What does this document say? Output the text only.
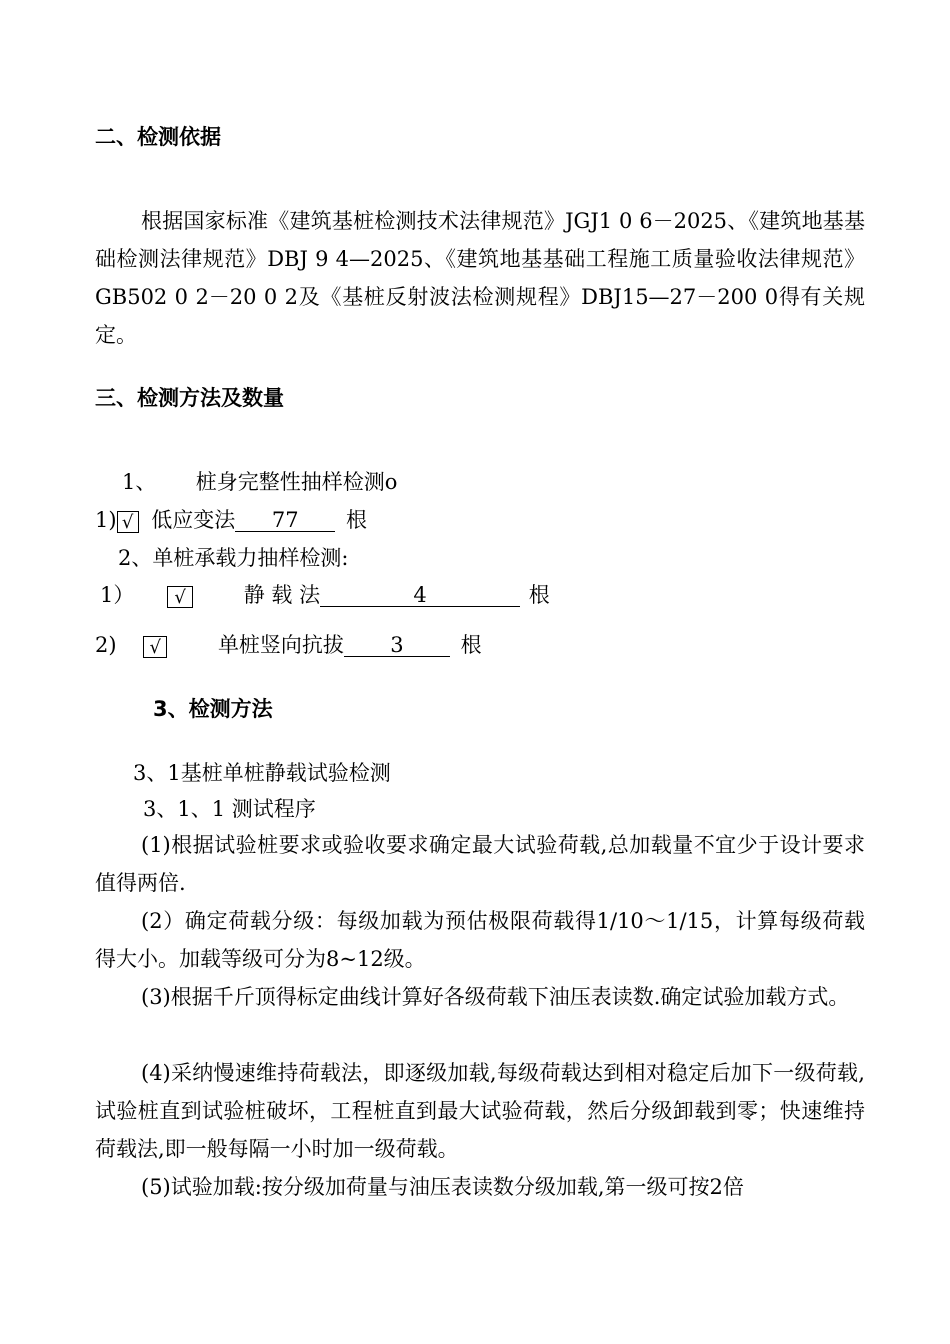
二、检测依据
根据国家标准《建筑基桩检测技术法律规范》JGJ1 0 6－2025、《建筑地基基础检测法律规范》DBJ 9 4—2025、《建筑地基基础工程施工质量验收法律规范》GB502 0 2－20 0 2及《基桩反射波法检测规程》DBJ15—27－200 0得有关规定。
三、检测方法及数量
1、 桩身完整性抽样检测ο
1) √ 低应变法 77 根
2、单桩承载力抽样检测:
1） √	静 载 法	4	根
2) √	单桩竖向抗拔 3	根
3、检测方法
3、1基桩单桩静载试验检测
3、1、1 测试程序
(1)根据试验桩要求或验收要求确定最大试验荷载,总加载量不宜少于设计要求值得两倍.
(2）确定荷载分级：每级加载为预估极限荷载得1/10～1/15，计算每级荷载得大小。加载等级可分为8~12级。
(3)根据千斤顶得标定曲线计算好各级荷载下油压表读数.确定试验加载方式。
(4)采纳慢速维持荷载法，即逐级加载,每级荷载达到相对稳定后加下一级荷载,试验桩直到试验桩破坏，工程桩直到最大试验荷载，然后分级卸载到零；快速维持荷载法,即一般每隔一小时加一级荷载。
(5)试验加载:按分级加荷量与油压表读数分级加载,第一级可按2倍
